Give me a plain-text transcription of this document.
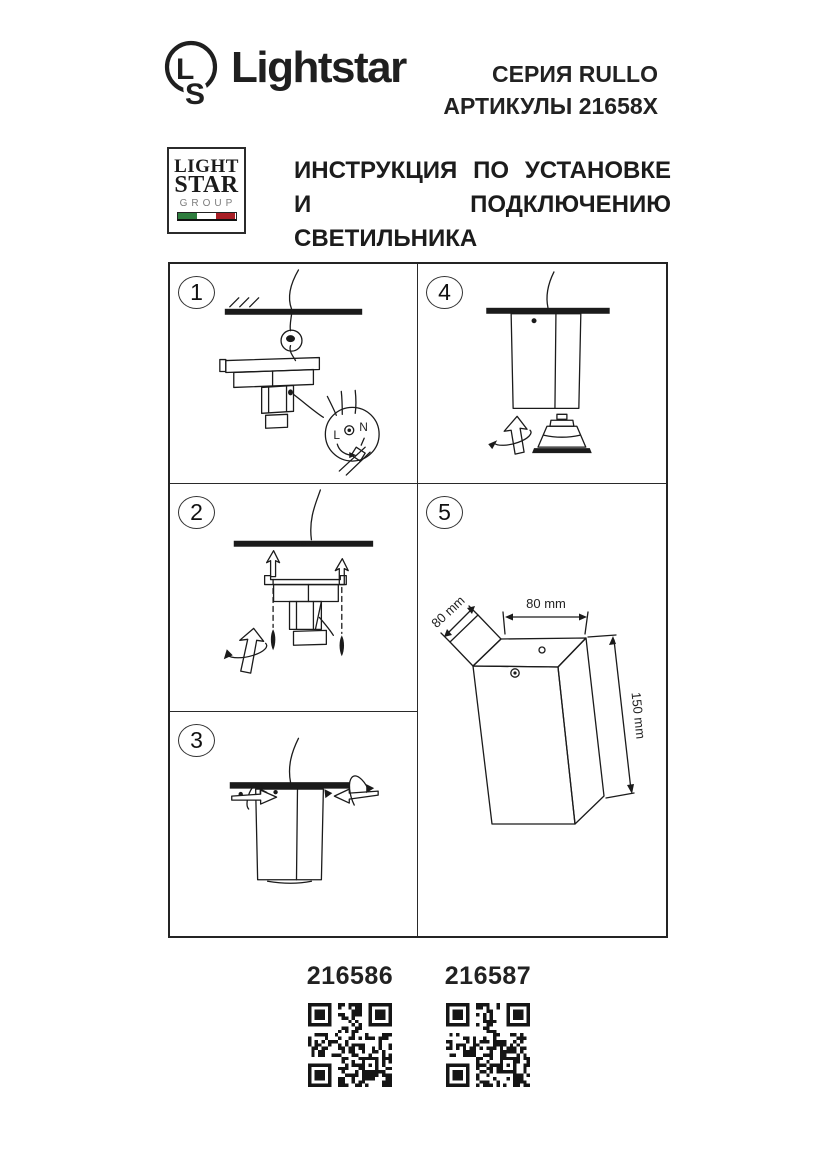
L
S
Lightstar	СЕРИЯ RULLO
АРТИКУЛЫ 21658X
LIGHT
STAR
GROUP
ИНСТРУКЦИЯ ПО УСТАНОВКЕ
И ПОДКЛЮЧЕНИЮ СВЕТИЛЬНИКА
1
L
N
2
3
4
5
80 mm
80 mm
150 mm
216586 216587
